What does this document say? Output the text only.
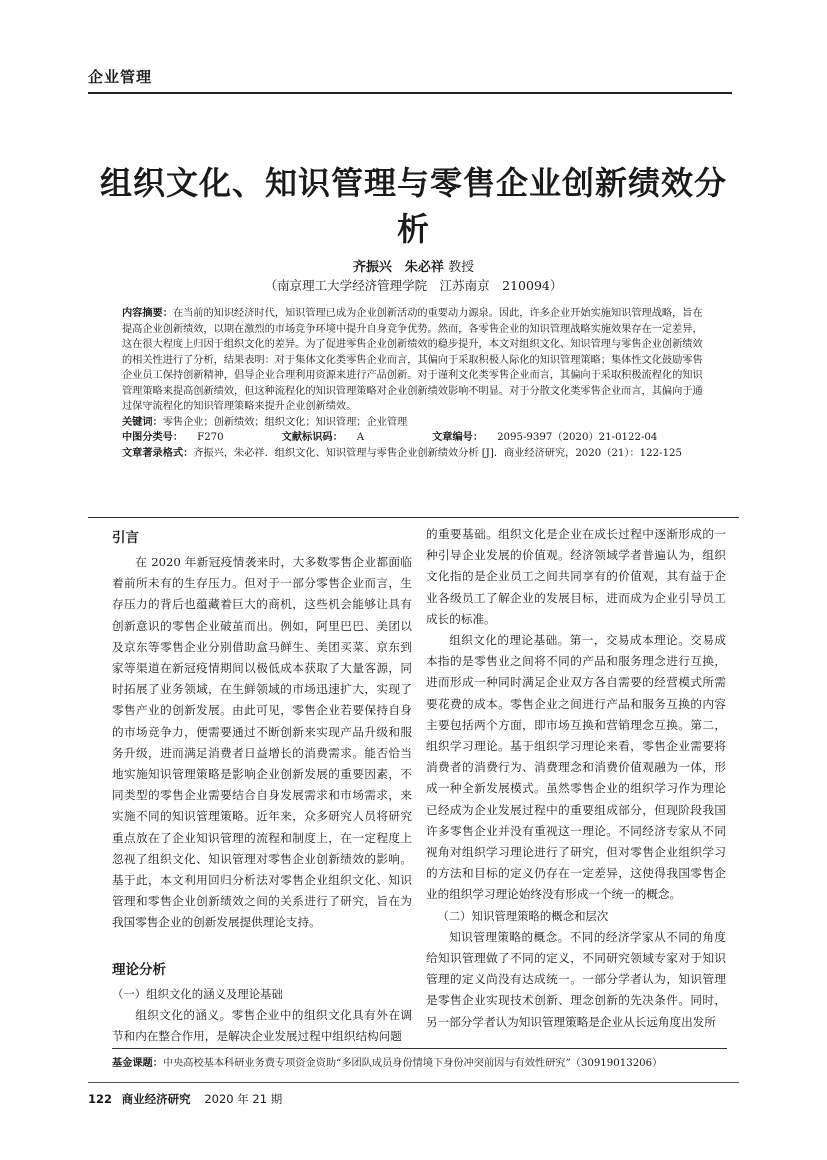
企业管理
组织文化、知识管理与零售企业创新绩效分析
齐振兴　朱必祥 教授
（南京理工大学经济管理学院　江苏南京　210094）
内容摘要：在当前的知识经济时代，知识管理已成为企业创新活动的重要动力源泉。因此，许多企业开始实施知识管理战略，旨在提高企业创新绩效，以期在激烈的市场竞争环境中提升自身竞争优势。然而，各零售企业的知识管理战略实施效果存在一定差异，这在很大程度上归因于组织文化的差异。为了促进零售企业创新绩效的稳步提升，本文对组织文化、知识管理与零售企业创新绩效的相关性进行了分析，结果表明：对于集体文化类零售企业而言，其偏向于采取积极人际化的知识管理策略；集体性文化鼓励零售企业员工保持创新精神，倡导企业合理利用资源来进行产品创新。对于谨利文化类零售企业而言，其偏向于采取积极流程化的知识管理策略来提高创新绩效，但这种流程化的知识管理策略对企业创新绩效影响不明显。对于分散文化类零售企业而言，其偏向于通过保守流程化的知识管理策略来提升企业创新绩效。
关键词：零售企业；创新绩效；组织文化；知识管理；企业管理
中图分类号： F270	文献标识码： A	文章编号： 2095-9397（2020）21-0122-04
文章著录格式：齐振兴，朱必祥．组织文化、知识管理与零售企业创新绩效分析 [J]．商业经济研究，2020（21）：122-125
引言

在 2020 年新冠疫情袭来时，大多数零售企业都面临着前所未有的生存压力。但对于一部分零售企业而言，生存压力的背后也蕴藏着巨大的商机，这些机会能够让具有创新意识的零售企业破茧而出。例如，阿里巴巴、美团以及京东等零售企业分别借助盒马鲜生、美团买菜、京东到家等渠道在新冠疫情期间以极低成本获取了大量客源，同时拓展了业务领域，在生鲜领域的市场迅速扩大，实现了零售产业的创新发展。由此可见，零售企业若要保持自身的市场竞争力，便需要通过不断创新来实现产品升级和服务升级，进而满足消费者日益增长的消费需求。能否恰当地实施知识管理策略是影响企业创新发展的重要因素，不同类型的零售企业需要结合自身发展需求和市场需求，来实施不同的知识管理策略。近年来，众多研究人员将研究重点放在了企业知识管理的流程和制度上，在一定程度上忽视了组织文化、知识管理对零售企业创新绩效的影响。基于此，本文利用回归分析法对零售企业组织文化、知识管理和零售企业创新绩效之间的关系进行了研究，旨在为我国零售企业的创新发展提供理论支持。

理论分析
（一）组织文化的涵义及理论基础

组织文化的涵义。零售企业中的组织文化具有外在调节和内在整合作用，是解决企业发展过程中组织结构问题

的重要基础。组织文化是企业在成长过程中逐渐形成的一种引导企业发展的价值观。经济领域学者普遍认为，组织文化指的是企业员工之间共同享有的价值观，其有益于企业各级员工了解企业的发展目标，进而成为企业引导员工成长的标准。

组织文化的理论基础。第一，交易成本理论。交易成本指的是零售业之间将不同的产品和服务理念进行互换，进而形成一种同时满足企业双方各自需要的经营模式所需要花费的成本。零售企业之间进行产品和服务互换的内容主要包括两个方面，即市场互换和营销理念互换。第二，组织学习理论。基于组织学习理论来看，零售企业需要将消费者的消费行为、消费理念和消费价值观融为一体，形成一种全新发展模式。虽然零售企业的组织学习作为理论已经成为企业发展过程中的重要组成部分，但现阶段我国许多零售企业并没有重视这一理论。不同经济专家从不同视角对组织学习理论进行了研究，但对零售企业组织学习的方法和目标的定义仍存在一定差异，这使得我国零售企业的组织学习理论始终没有形成一个统一的概念。

（二）知识管理策略的概念和层次

知识管理策略的概念。不同的经济学家从不同的角度给知识管理做了不同的定义，不同研究领域专家对于知识管理的定义尚没有达成统一。一部分学者认为，知识管理是零售企业实现技术创新、理念创新的先决条件。同时，另一部分学者认为知识管理策略是企业从长远角度出发所

基金课题：中央高校基本科研业务费专项资金资助“多团队成员身份情境下身份冲突前因与有效性研究”（30919013206）
122 商业经济研究 2020 年 21 期
